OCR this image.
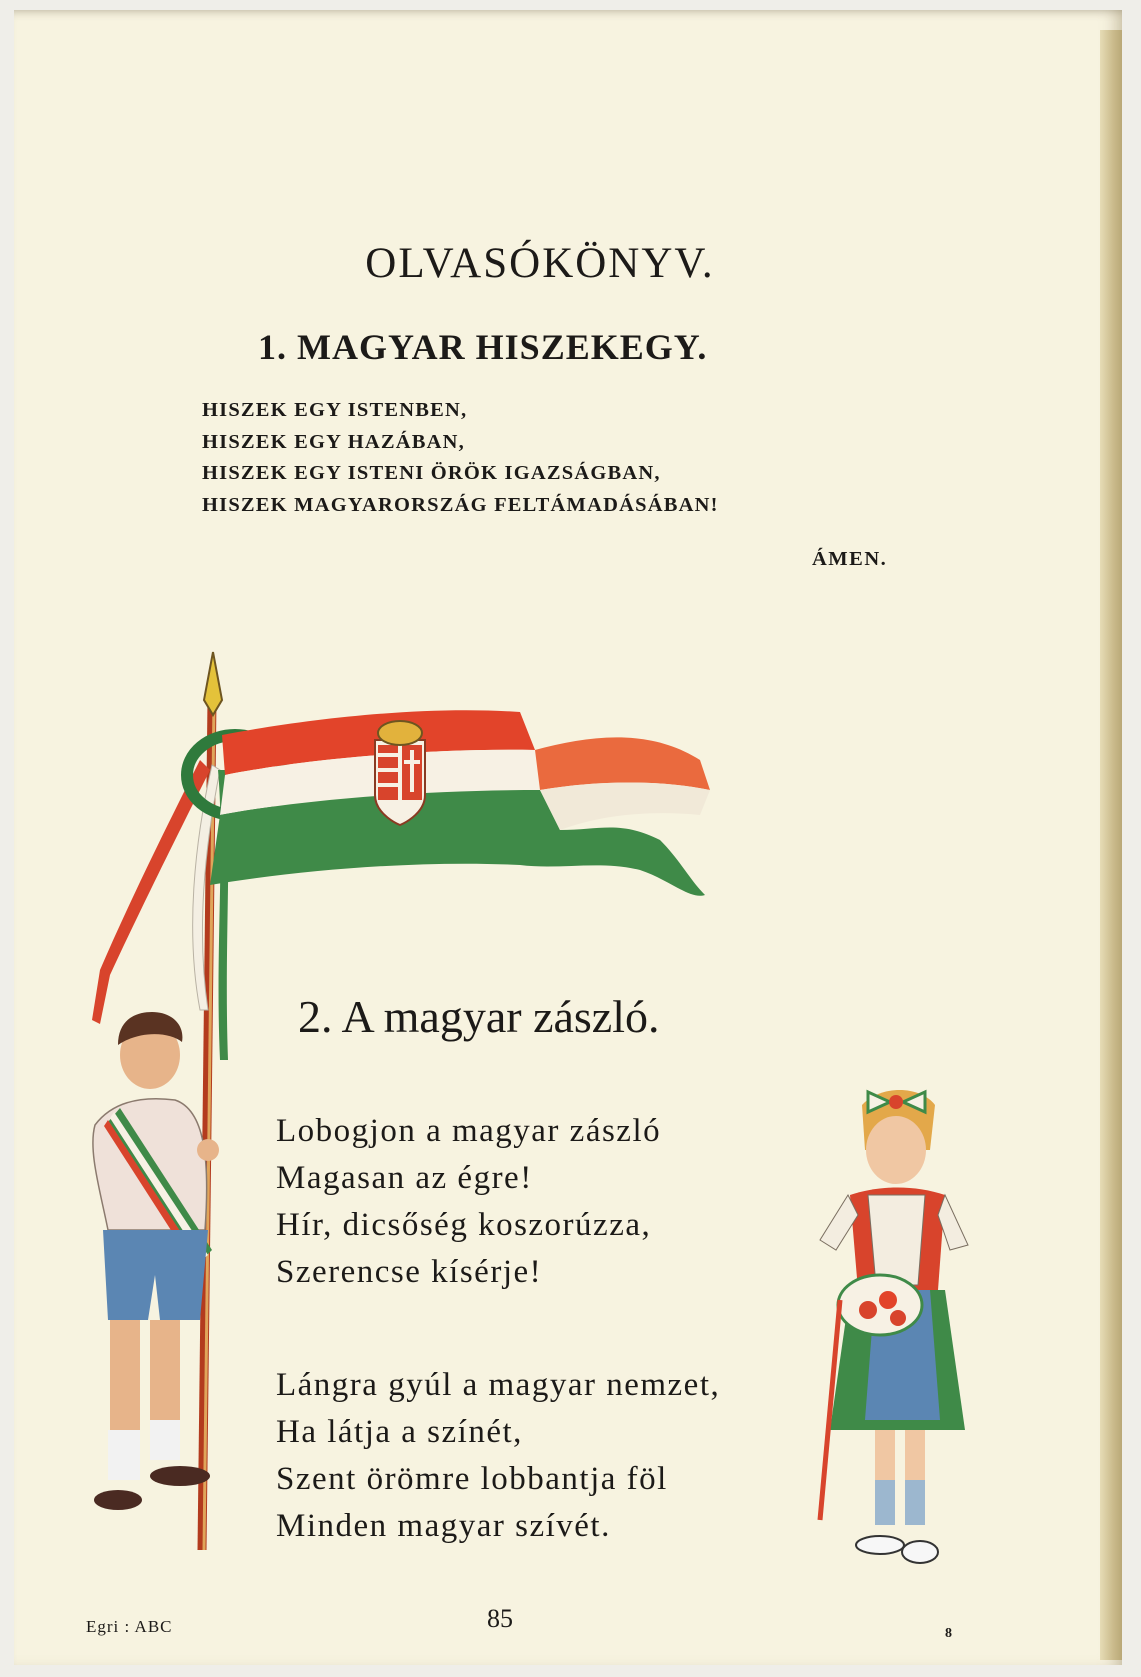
OLVASÓKÖNYV.
1. MAGYAR HISZEKEGY.
HISZEK EGY ISTENBEN,
HISZEK EGY HAZÁBAN,
HISZEK EGY ISTENI ÖRÖK IGAZSÁGBAN,
HISZEK MAGYARORSZÁG FELTÁMADÁSÁBAN!
ÁMEN.
2. A magyar zászló.
Lobogjon a magyar zászló
Magasan az égre!
Hír, dicsőség koszorúzza,
Szerencse kísérje!
Lángra gyúl a magyar nemzet,
Ha látja a színét,
Szent örömre lobbantja föl
Minden magyar szívét.
Egri : ABC	85
8
